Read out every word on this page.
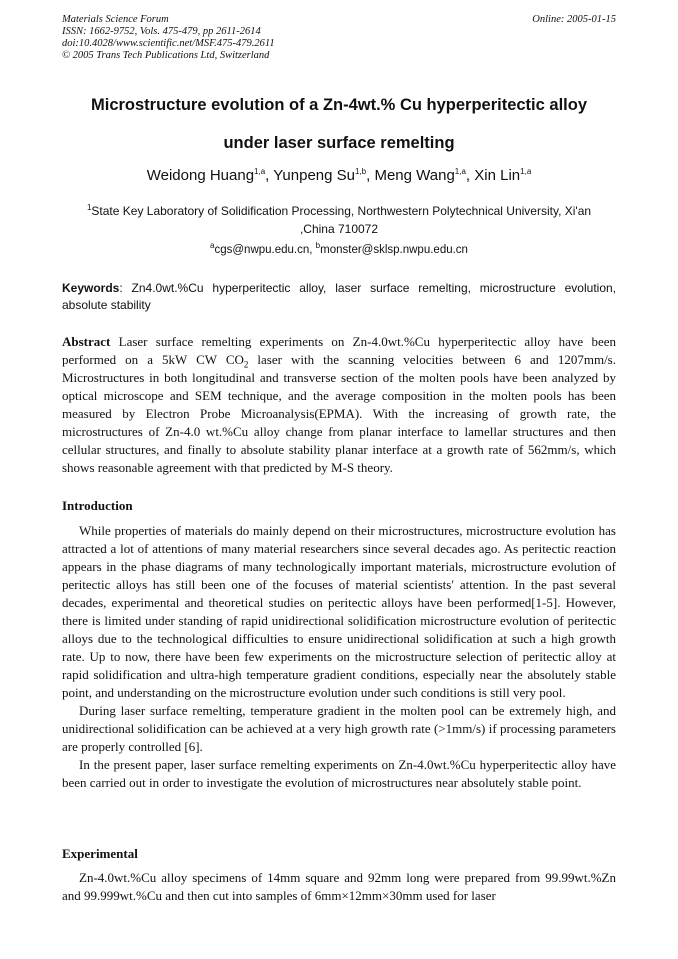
Materials Science Forum
ISSN: 1662-9752, Vols. 475-479, pp 2611-2614
doi:10.4028/www.scientific.net/MSF.475-479.2611
© 2005 Trans Tech Publications Ltd, Switzerland
Online: 2005-01-15
Microstructure evolution of a Zn-4wt.% Cu hyperperitectic alloy
under laser surface remelting
Weidong Huang$^{1,a}$, Yunpeng Su$^{1,b}$, Meng Wang$^{1,a}$, Xin Lin$^{1,a}$
$^1$State Key Laboratory of Solidification Processing, Northwestern Polytechnical University, Xi'an
,China 710072
$^a$cgs@nwpu.edu.cn, $^b$monster@sklsp.nwpu.edu.cn
Keywords: Zn4.0wt.%Cu hyperperitectic alloy, laser surface remelting, microstructure evolution, absolute stability
Abstract Laser surface remelting experiments on Zn-4.0wt.%Cu hyperperitectic alloy have been performed on a 5kW CW $CO_2$ laser with the scanning velocities between 6 and 1207mm/s. Microstructures in both longitudinal and transverse section of the molten pools have been analyzed by optical microscope and SEM technique, and the average composition in the molten pools has been measured by Electron Probe Microanalysis(EPMA). With the increasing of growth rate, the microstructures of Zn-4.0 wt.%Cu alloy change from planar interface to lamellar structures and then cellular structures, and finally to absolute stability planar interface at a growth rate of 562mm/s, which shows reasonable agreement with that predicted by M-S theory.
Introduction

While properties of materials do mainly depend on their microstructures, microstructure evolution has attracted a lot of attentions of many material researchers since several decades ago. As peritectic reaction appears in the phase diagrams of many technologically important materials, microstructure evolution of peritectic alloys has still been one of the focuses of material scientists′ attention. In the past several decades, experimental and theoretical studies on peritectic alloys have been performed[1-5]. However, there is limited under standing of rapid unidirectional solidification microstructure evolution of peritectic alloys due to the technological difficulties to ensure unidirectional solidification at such a high growth rate. Up to now, there have been few experiments on the microstructure selection of peritectic alloy at rapid solidification and ultra-high temperature gradient conditions, especially near the absolutely stable point, and understanding on the microstructure evolution under such conditions is still very pool.

During laser surface remelting, temperature gradient in the molten pool can be extremely high, and unidirectional solidification can be achieved at a very high growth rate (>1mm/s) if processing parameters are properly controlled [6].

In the present paper, laser surface remelting experiments on Zn-4.0wt.%Cu hyperperitectic alloy have been carried out in order to investigate the evolution of microstructures near absolutely stable point.

Experimental

Zn-4.0wt.%Cu alloy specimens of 14mm square and 92mm long were prepared from 99.99wt.%Zn and 99.999wt.%Cu and then cut into samples of 6mm×12mm×30mm used for laser
